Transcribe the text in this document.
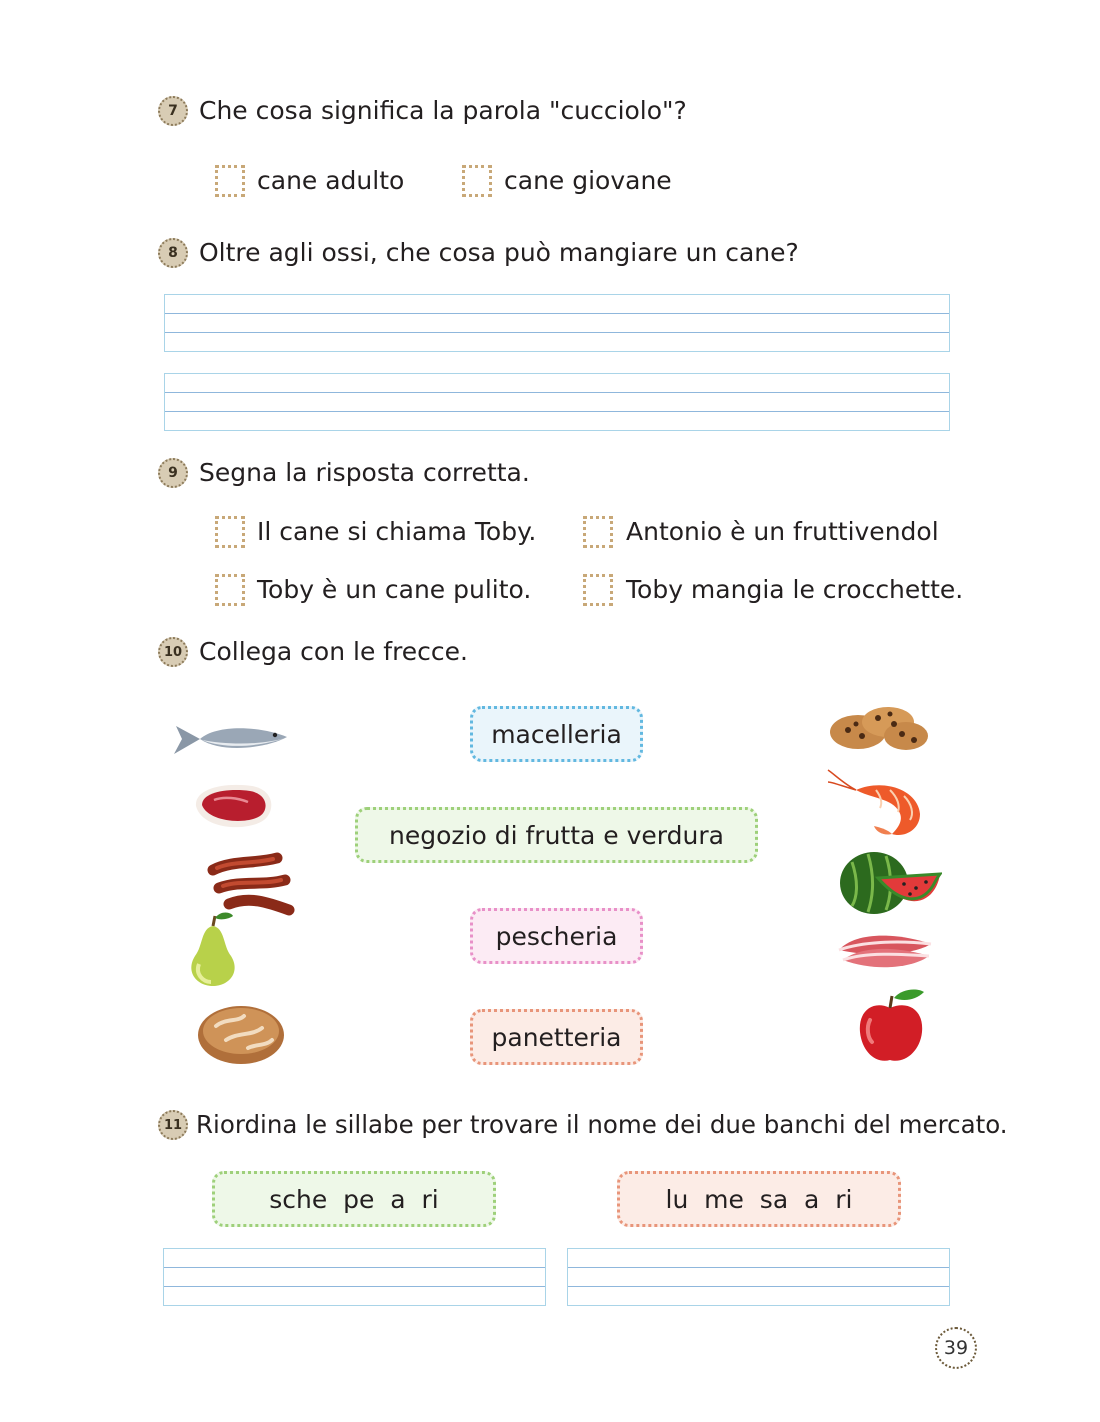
7 Che cosa significa la parola "cucciolo"?
cane adulto	cane giovane
8 Oltre agli ossi, che cosa può mangiare un cane?
9 Segna la risposta corretta.
Il cane si chiama Toby.	Antonio è un fruttivendol
Toby è un cane pulito.	Toby mangia le crocchette.
10 Collega con le frecce.
macelleria
negozio di frutta e verdura
pescheria
panetteria
11 Riordina le sillabe per trovare il nome dei due banchi del mercato.
sche  pe  a  ri	lu  me  sa  a  ri
39
